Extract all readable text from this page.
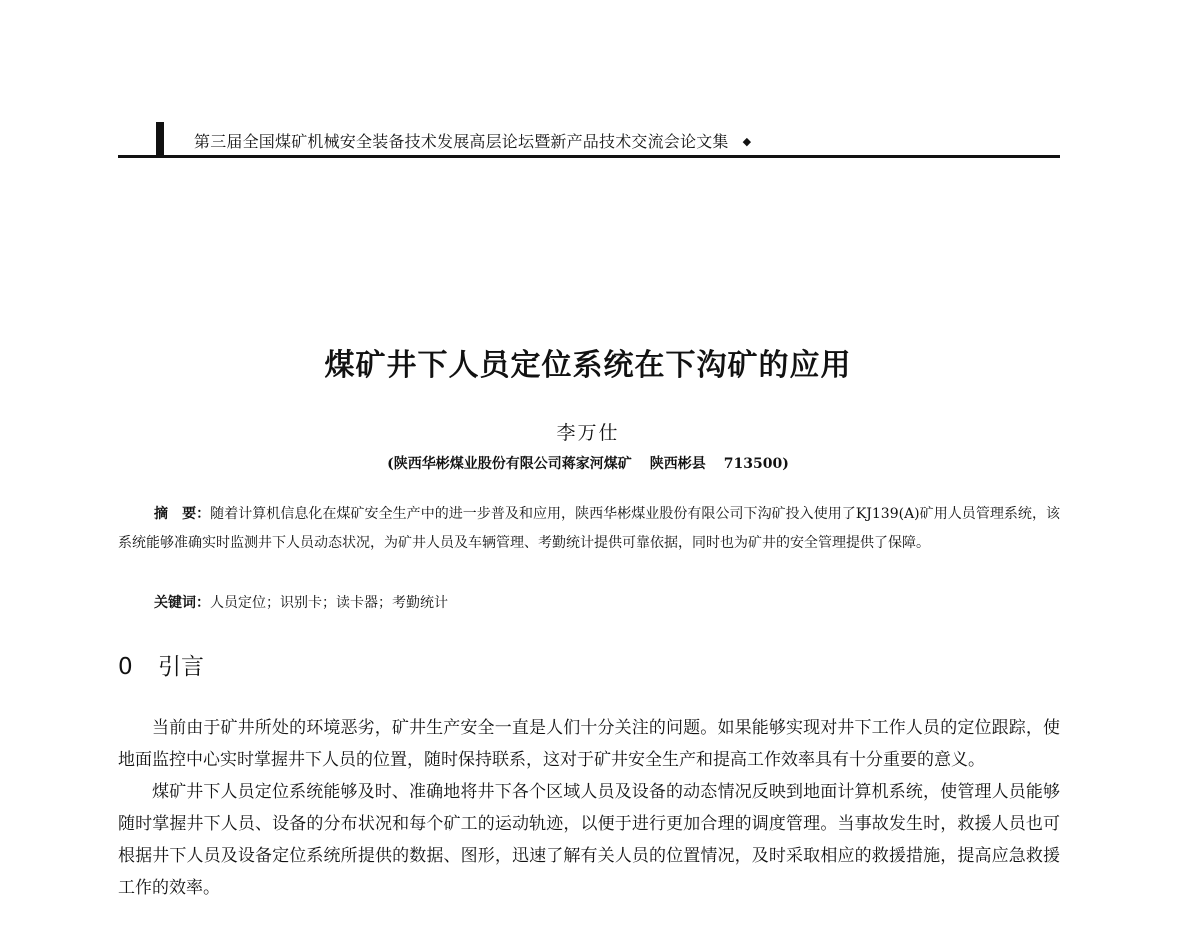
第三届全国煤矿机械安全装备技术发展高层论坛暨新产品技术交流会论文集 ◆
煤矿井下人员定位系统在下沟矿的应用
李万仕
(陕西华彬煤业股份有限公司蒋家河煤矿 陕西彬县 713500)
摘　要：随着计算机信息化在煤矿安全生产中的进一步普及和应用，陕西华彬煤业股份有限公司下沟矿投入使用了KJ139(A)矿用人员管理系统，该系统能够准确实时监测井下人员动态状况，为矿井人员及车辆管理、考勤统计提供可靠依据，同时也为矿井的安全管理提供了保障。
关键词：人员定位；识别卡；读卡器；考勤统计
0 引言

当前由于矿井所处的环境恶劣，矿井生产安全一直是人们十分关注的问题。如果能够实现对井下工作人员的定位跟踪，使地面监控中心实时掌握井下人员的位置，随时保持联系，这对于矿井安全生产和提高工作效率具有十分重要的意义。

煤矿井下人员定位系统能够及时、准确地将井下各个区域人员及设备的动态情况反映到地面计算机系统，使管理人员能够随时掌握井下人员、设备的分布状况和每个矿工的运动轨迹，以便于进行更加合理的调度管理。当事故发生时，救援人员也可根据井下人员及设备定位系统所提供的数据、图形，迅速了解有关人员的位置情况，及时采取相应的救援措施，提高应急救援工作的效率。
